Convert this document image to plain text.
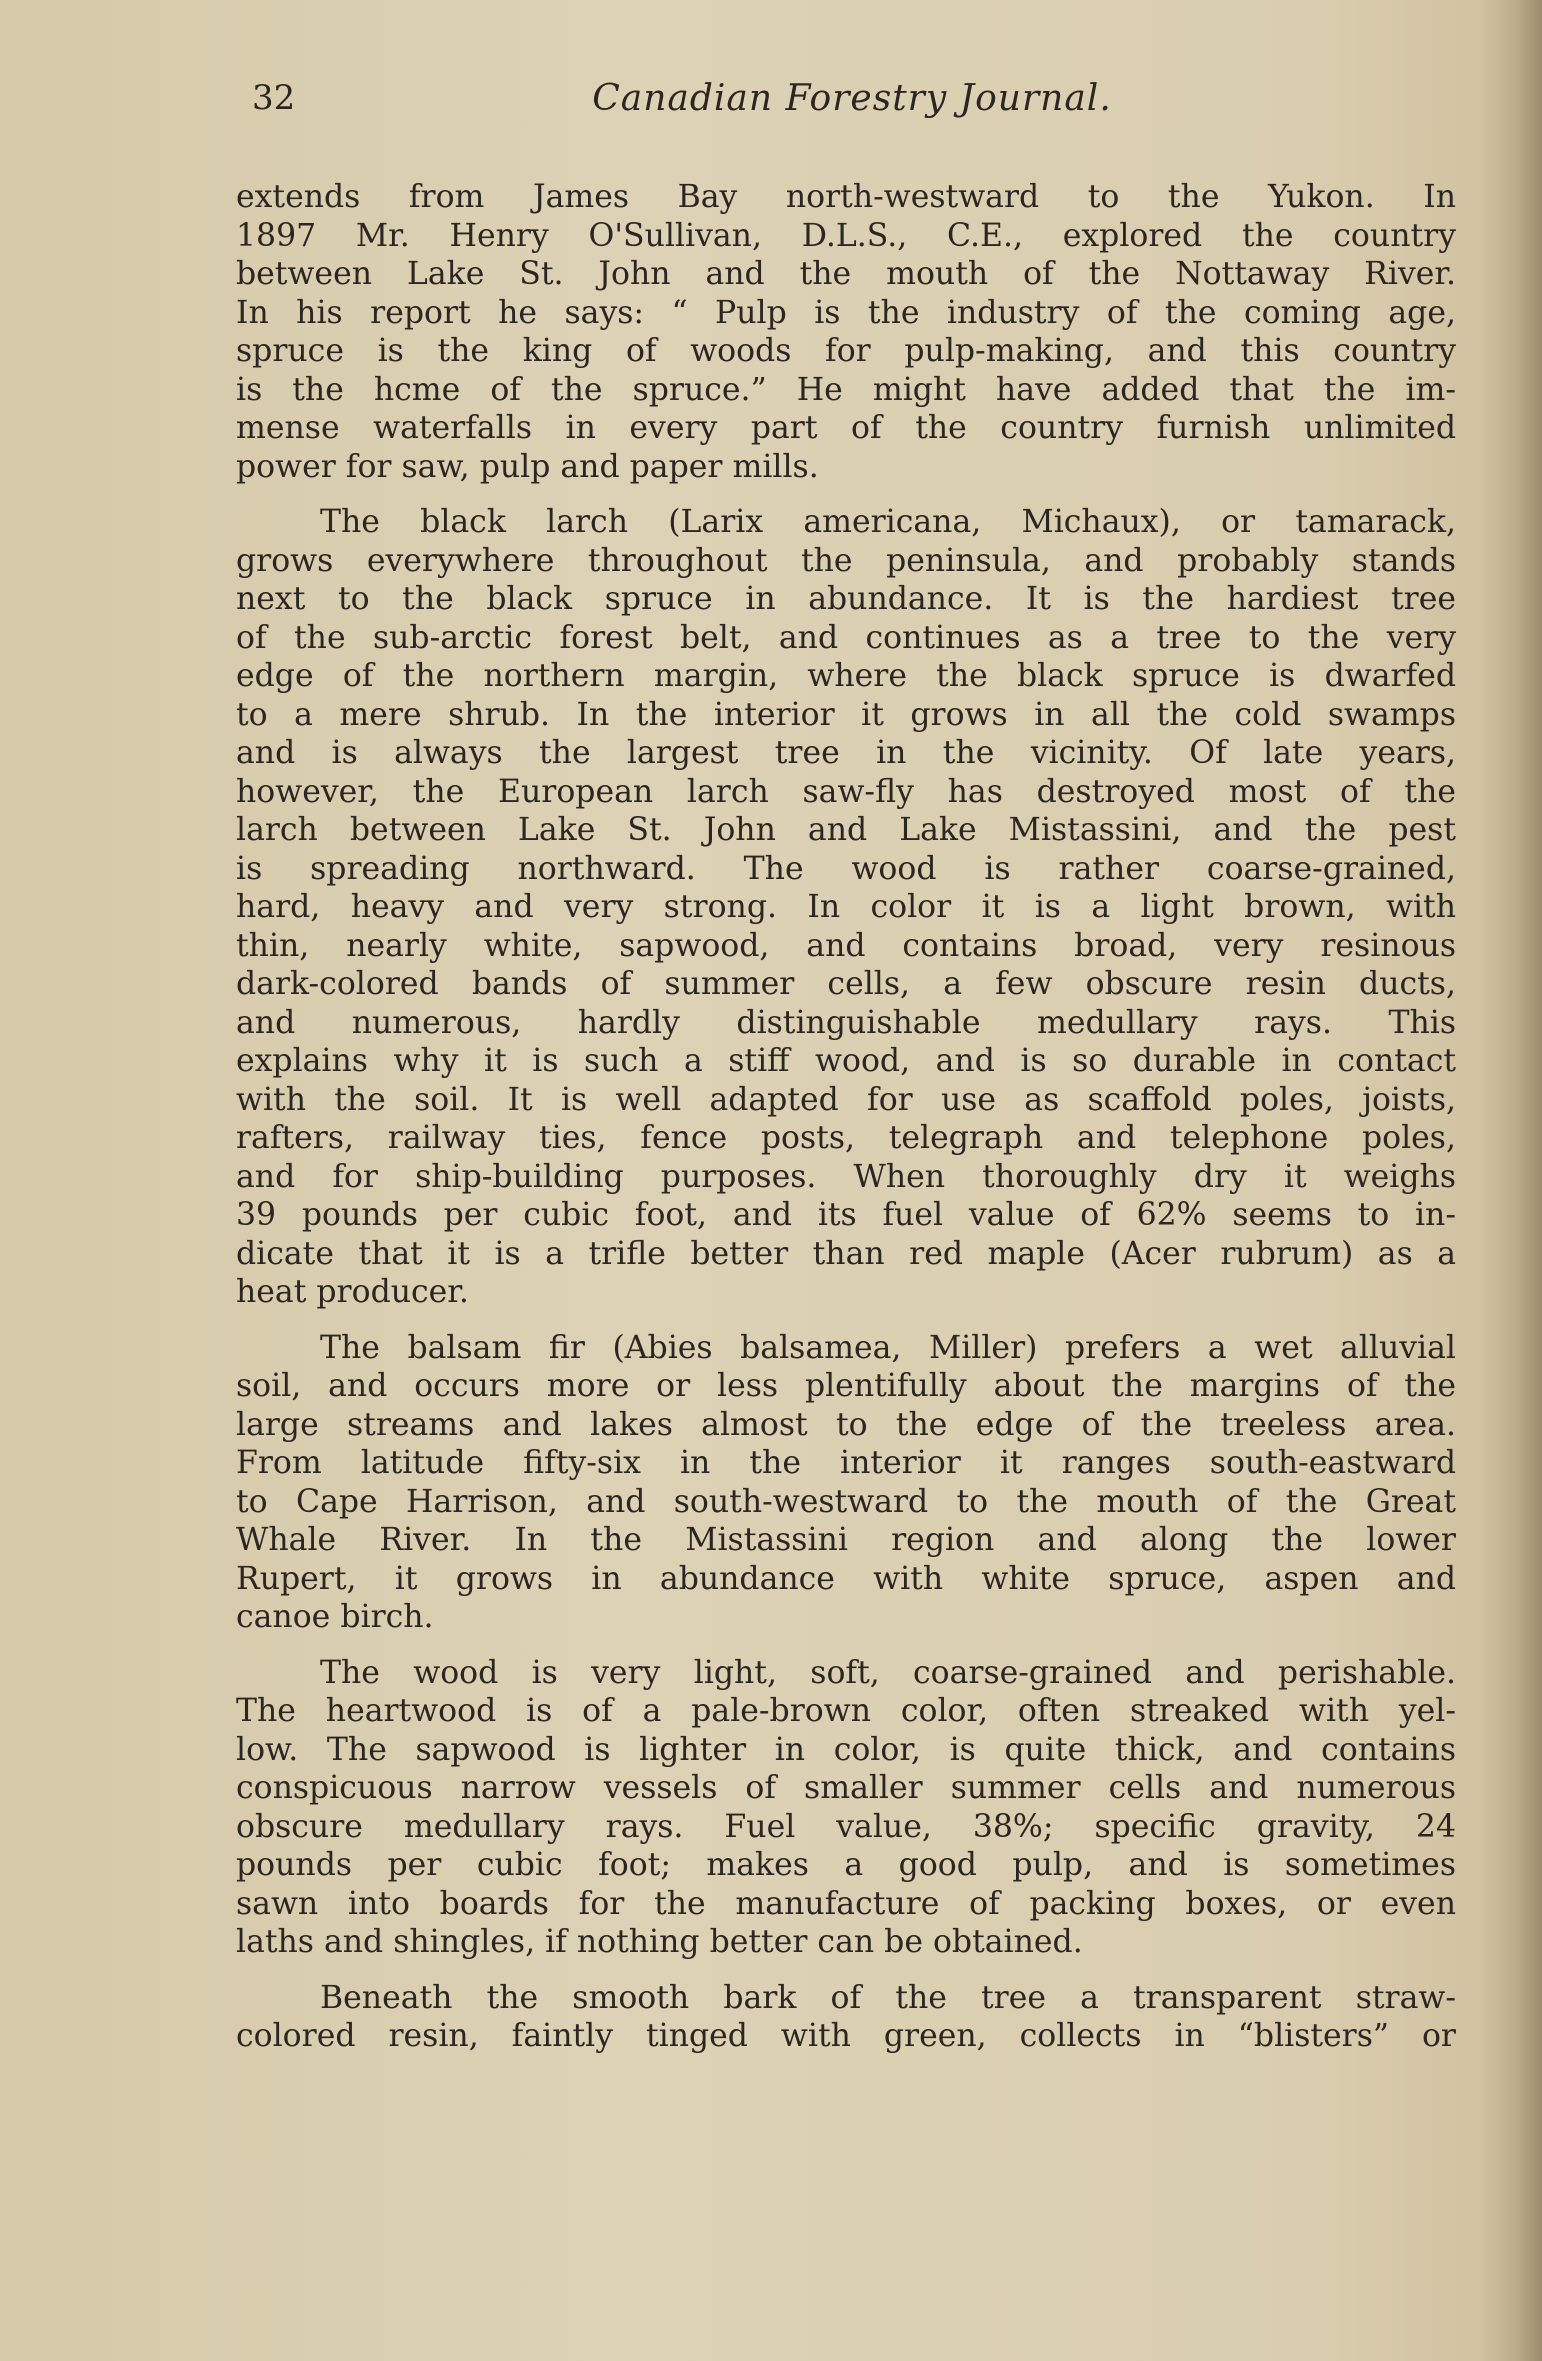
32	Canadian Forestry Journal.
extends from James Bay north-westward to the Yukon. In
1897 Mr. Henry O'Sullivan, D.L.S., C.E., explored the country
between Lake St. John and the mouth of the Nottaway River.
In his report he says: “ Pulp is the industry of the coming age,
spruce is the king of woods for pulp-making, and this country
is the hcme of the spruce.” He might have added that the im-
mense waterfalls in every part of the country furnish unlimited
power for saw, pulp and paper mills.
The black larch (Larix americana, Michaux), or tamarack,
grows everywhere throughout the peninsula, and probably stands
next to the black spruce in abundance. It is the hardiest tree
of the sub-arctic forest belt, and continues as a tree to the very
edge of the northern margin, where the black spruce is dwarfed
to a mere shrub. In the interior it grows in all the cold swamps
and is always the largest tree in the vicinity. Of late years,
however, the European larch saw-fly has destroyed most of the
larch between Lake St. John and Lake Mistassini, and the pest
is spreading northward. The wood is rather coarse-grained,
hard, heavy and very strong. In color it is a light brown, with
thin, nearly white, sapwood, and contains broad, very resinous
dark-colored bands of summer cells, a few obscure resin ducts,
and numerous, hardly distinguishable medullary rays. This
explains why it is such a stiff wood, and is so durable in contact
with the soil. It is well adapted for use as scaffold poles, joists,
rafters, railway ties, fence posts, telegraph and telephone poles,
and for ship-building purposes. When thoroughly dry it weighs
39 pounds per cubic foot, and its fuel value of 62% seems to in-
dicate that it is a trifle better than red maple (Acer rubrum) as a
heat producer.
The balsam fir (Abies balsamea, Miller) prefers a wet alluvial
soil, and occurs more or less plentifully about the margins of the
large streams and lakes almost to the edge of the treeless area.
From latitude fifty-six in the interior it ranges south-eastward
to Cape Harrison, and south-westward to the mouth of the Great
Whale River. In the Mistassini region and along the lower
Rupert, it grows in abundance with white spruce, aspen and
canoe birch.
The wood is very light, soft, coarse-grained and perishable.
The heartwood is of a pale-brown color, often streaked with yel-
low. The sapwood is lighter in color, is quite thick, and contains
conspicuous narrow vessels of smaller summer cells and numerous
obscure medullary rays. Fuel value, 38%; specific gravity, 24
pounds per cubic foot; makes a good pulp, and is sometimes
sawn into boards for the manufacture of packing boxes, or even
laths and shingles, if nothing better can be obtained.
Beneath the smooth bark of the tree a transparent straw-
colored resin, faintly tinged with green, collects in “blisters” or
